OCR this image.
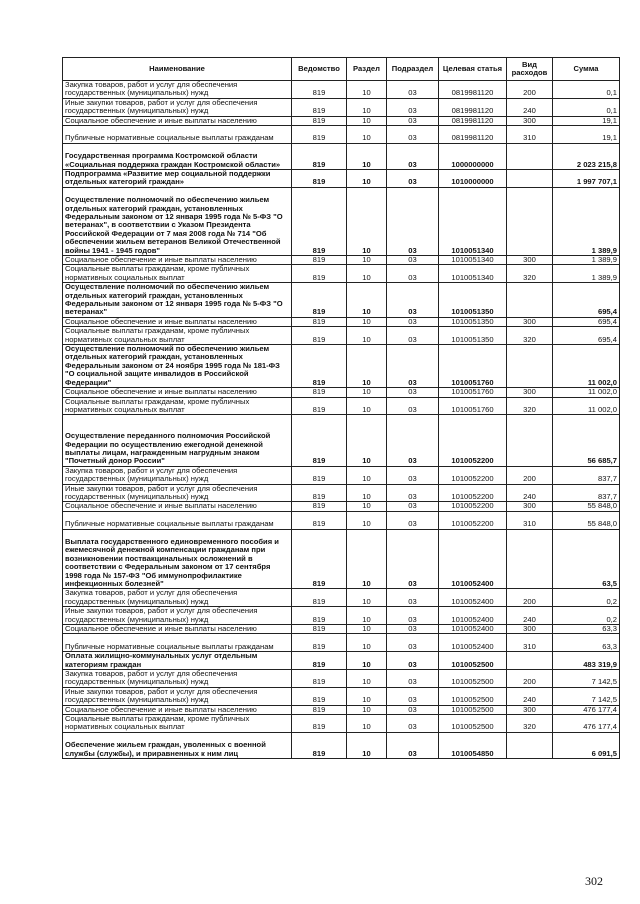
Наименование	Ведомство	Раздел	Подраздел	Целевая статья	Вид расходов	Сумма
Закупка товаров, работ и услуг для обеспечения государственных (муниципальных) нужд	819	10	03	0819981120	200	0,1
Иные закупки товаров, работ и услуг для обеспечения государственных (муниципальных) нужд	819	10	03	0819981120	240	0,1
Социальное обеспечение и иные выплаты населению	819	10	03	0819981120	300	19,1
Публичные нормативные социальные выплаты гражданам	819	10	03	0819981120	310	19,1
Государственная программа Костромской области «Социальная поддержка граждан Костромской области»	819	10	03	1000000000		2 023 215,8
Подпрограмма «Развитие мер социальной поддержки отдельных категорий граждан»	819	10	03	1010000000		1 997 707,1
Осуществление полномочий по обеспечению жильем отдельных категорий граждан, установленных Федеральным законом от 12 января 1995 года № 5-ФЗ "О ветеранах", в соответствии с Указом Президента Российской Федерации от 7 мая 2008 года № 714 "Об обеспечении жильем ветеранов Великой Отечественной войны 1941 - 1945 годов"	819	10	03	1010051340		1 389,9
Социальное обеспечение и иные выплаты населению	819	10	03	1010051340	300	1 389,9
Социальные выплаты гражданам, кроме публичных нормативных социальных выплат	819	10	03	1010051340	320	1 389,9
Осуществление полномочий по обеспечению жильем отдельных категорий граждан, установленных Федеральным законом от 12 января 1995 года № 5-ФЗ "О ветеранах"	819	10	03	1010051350		695,4
Социальное обеспечение и иные выплаты населению	819	10	03	1010051350	300	695,4
Социальные выплаты гражданам, кроме публичных нормативных социальных выплат	819	10	03	1010051350	320	695,4
Осуществление полномочий по обеспечению жильем отдельных категорий граждан, установленных Федеральным законом от 24 ноября 1995 года № 181-ФЗ "О социальной защите инвалидов в Российской Федерации"	819	10	03	1010051760		11 002,0
Социальное обеспечение и иные выплаты населению	819	10	03	1010051760	300	11 002,0
Социальные выплаты гражданам, кроме публичных нормативных социальных выплат	819	10	03	1010051760	320	11 002,0
Осуществление переданного полномочия Российской Федерации по осуществлению ежегодной денежной выплаты лицам, награжденным нагрудным знаком "Почетный донор России"	819	10	03	1010052200		56 685,7
Закупка товаров, работ и услуг для обеспечения государственных (муниципальных) нужд	819	10	03	1010052200	200	837,7
Иные закупки товаров, работ и услуг для обеспечения государственных (муниципальных) нужд	819	10	03	1010052200	240	837,7
Социальное обеспечение и иные выплаты населению	819	10	03	1010052200	300	55 848,0
Публичные нормативные социальные выплаты гражданам	819	10	03	1010052200	310	55 848,0
Выплата государственного единовременного пособия и ежемесячной денежной компенсации гражданам при возникновении поствакцинальных осложнений в соответствии с Федеральным законом от 17 сентября 1998 года № 157-ФЗ "Об иммунопрофилактике инфекционных болезней"	819	10	03	1010052400		63,5
Закупка товаров, работ и услуг для обеспечения государственных (муниципальных) нужд	819	10	03	1010052400	200	0,2
Иные закупки товаров, работ и услуг для обеспечения государственных (муниципальных) нужд	819	10	03	1010052400	240	0,2
Социальное обеспечение и иные выплаты населению	819	10	03	1010052400	300	63,3
Публичные нормативные социальные выплаты гражданам	819	10	03	1010052400	310	63,3
Оплата жилищно-коммунальных услуг отдельным категориям граждан	819	10	03	1010052500		483 319,9
Закупка товаров, работ и услуг для обеспечения государственных (муниципальных) нужд	819	10	03	1010052500	200	7 142,5
Иные закупки товаров, работ и услуг для обеспечения государственных (муниципальных) нужд	819	10	03	1010052500	240	7 142,5
Социальное обеспечение и иные выплаты населению	819	10	03	1010052500	300	476 177,4
Социальные выплаты гражданам, кроме публичных нормативных социальных выплат	819	10	03	1010052500	320	476 177,4
Обеспечение жильем граждан, уволенных с военной службы (службы), и приравненных к ним лиц	819	10	03	1010054850		6 091,5
302
